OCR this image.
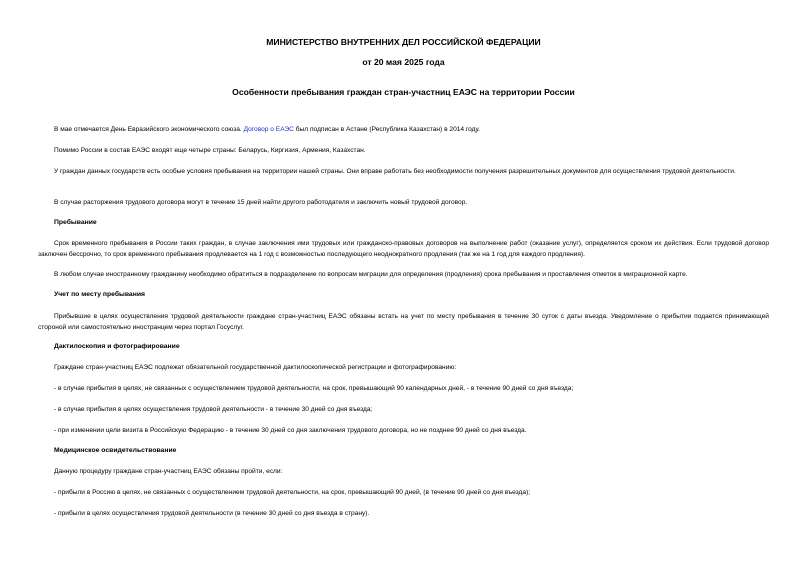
МИНИСТЕРСТВО ВНУТРЕННИХ ДЕЛ РОССИЙСКОЙ ФЕДЕРАЦИИ
от 20 мая 2025 года
Особенности пребывания граждан стран-участниц ЕАЭС на территории России
В мае отмечается День Евразийского экономического союза. Договор о ЕАЭС был подписан в Астане (Республика Казахстан) в 2014 году.
Помимо России в состав ЕАЭС входят еще четыре страны: Беларусь, Киргизия, Армения, Казахстан.
У граждан данных государств есть особые условия пребывания на территории нашей страны. Они вправе работать без необходимости получения разрешительных документов для осуществления трудовой деятельности.
В случае расторжения трудового договора могут в течение 15 дней найти другого работодателя и заключить новый трудовой договор.
Пребывание
Срок временного пребывания в России таких граждан, в случае заключения ими трудовых или гражданско-правовых договоров на выполнение работ (оказание услуг), определяется сроком их действия. Если трудовой договор заключен бессрочно, то срок временного пребывания продлевается на 1 год с возможностью последующего неоднократного продления (так же на 1 год для каждого продления).
В любом случае иностранному гражданину необходимо обратиться в подразделение по вопросам миграции для определения (продления) срока пребывания и проставления отметок в миграционной карте.
Учет по месту пребывания
Прибывшие в целях осуществления трудовой деятельности граждане стран-участниц ЕАЭС обязаны встать на учет по месту пребывания в течение 30 суток с даты въезда. Уведомление о прибытии подается принимающей стороной или самостоятельно иностранцем через портал Госуслуг.
Дактилоскопия и фотографирование
Граждане стран-участниц ЕАЭС подлежат обязательной государственной дактилоскопической регистрации и фотографированию:
- в случае прибытия в целях, не связанных с осуществлением трудовой деятельности, на срок, превышающий 90 календарных дней, - в течение 90 дней со дня въезда;
- в случае прибытия в целях осуществления трудовой деятельности - в течение 30 дней со дня въезда;
- при изменении цели визита в Российскую Федерацию - в течение 30 дней со дня заключения трудового договора, но не позднее 90 дней со дня въезда.
Медицинское освидетельствование
Данную процедуру граждане стран-участниц ЕАЭС обязаны пройти, если:
- прибыли в Россию в целях, не связанных с осуществлением трудовой деятельности, на срок, превышающий 90 дней, (в течение 90 дней со дня въезда);
- прибыли в целях осуществления трудовой деятельности (в течение 30 дней со дня въезда в страну).
